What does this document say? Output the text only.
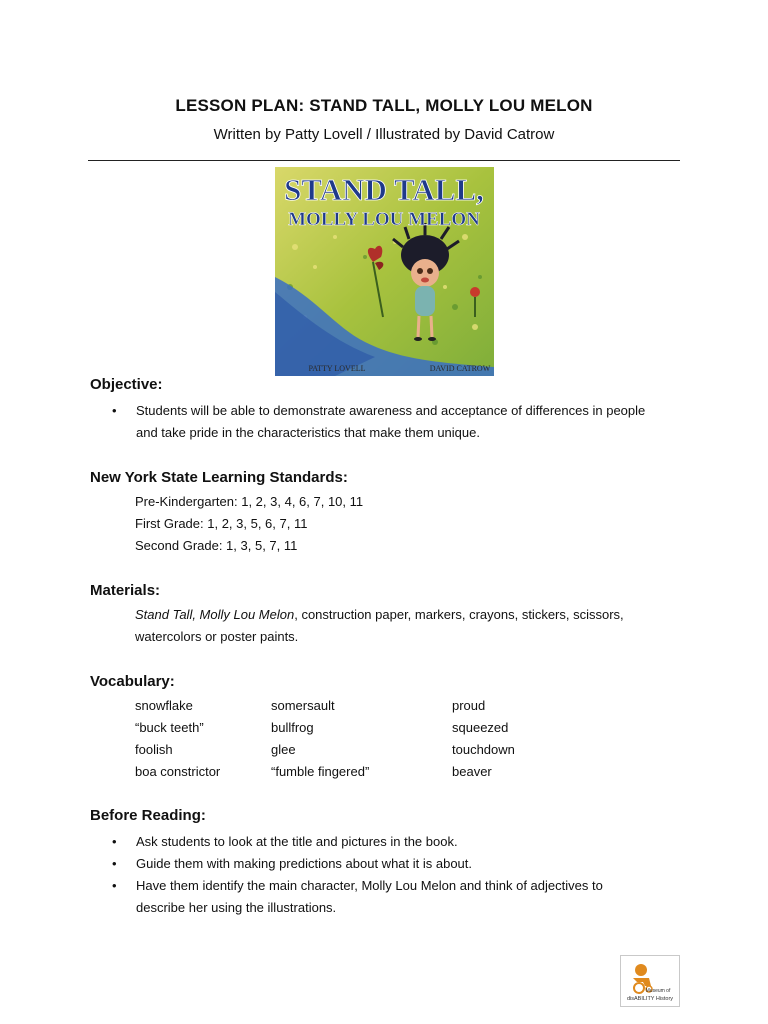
LESSON PLAN: STAND TALL, MOLLY LOU MELON
Written by Patty Lovell / Illustrated by David Catrow
STAND TALL,
MOLLY LOU MELON
PATTY LOVELL	DAVID CATROW
Objective:
• Students will be able to demonstrate awareness and acceptance of differences in people
and take pride in the characteristics that make them unique.
New York State Learning Standards:
Pre-Kindergarten: 1, 2, 3, 4, 6, 7, 10, 11
First Grade: 1, 2, 3, 5, 6, 7, 11
Second Grade: 1, 3, 5, 7, 11
Materials:
Stand Tall, Molly Lou Melon, construction paper, markers, crayons, stickers, scissors,
watercolors or poster paints.
Vocabulary:
snowflake
“buck teeth”
foolish
boa constrictor
somersault
bullfrog
glee
“fumble fingered”
proud
squeezed
touchdown
beaver
Before Reading:
• Ask students to look at the title and pictures in the book.
• Guide them with making predictions about what it is about.
• Have them identify the main character, Molly Lou Melon and think of adjectives to
describe her using the illustrations.
Museum of
disABILITY History
